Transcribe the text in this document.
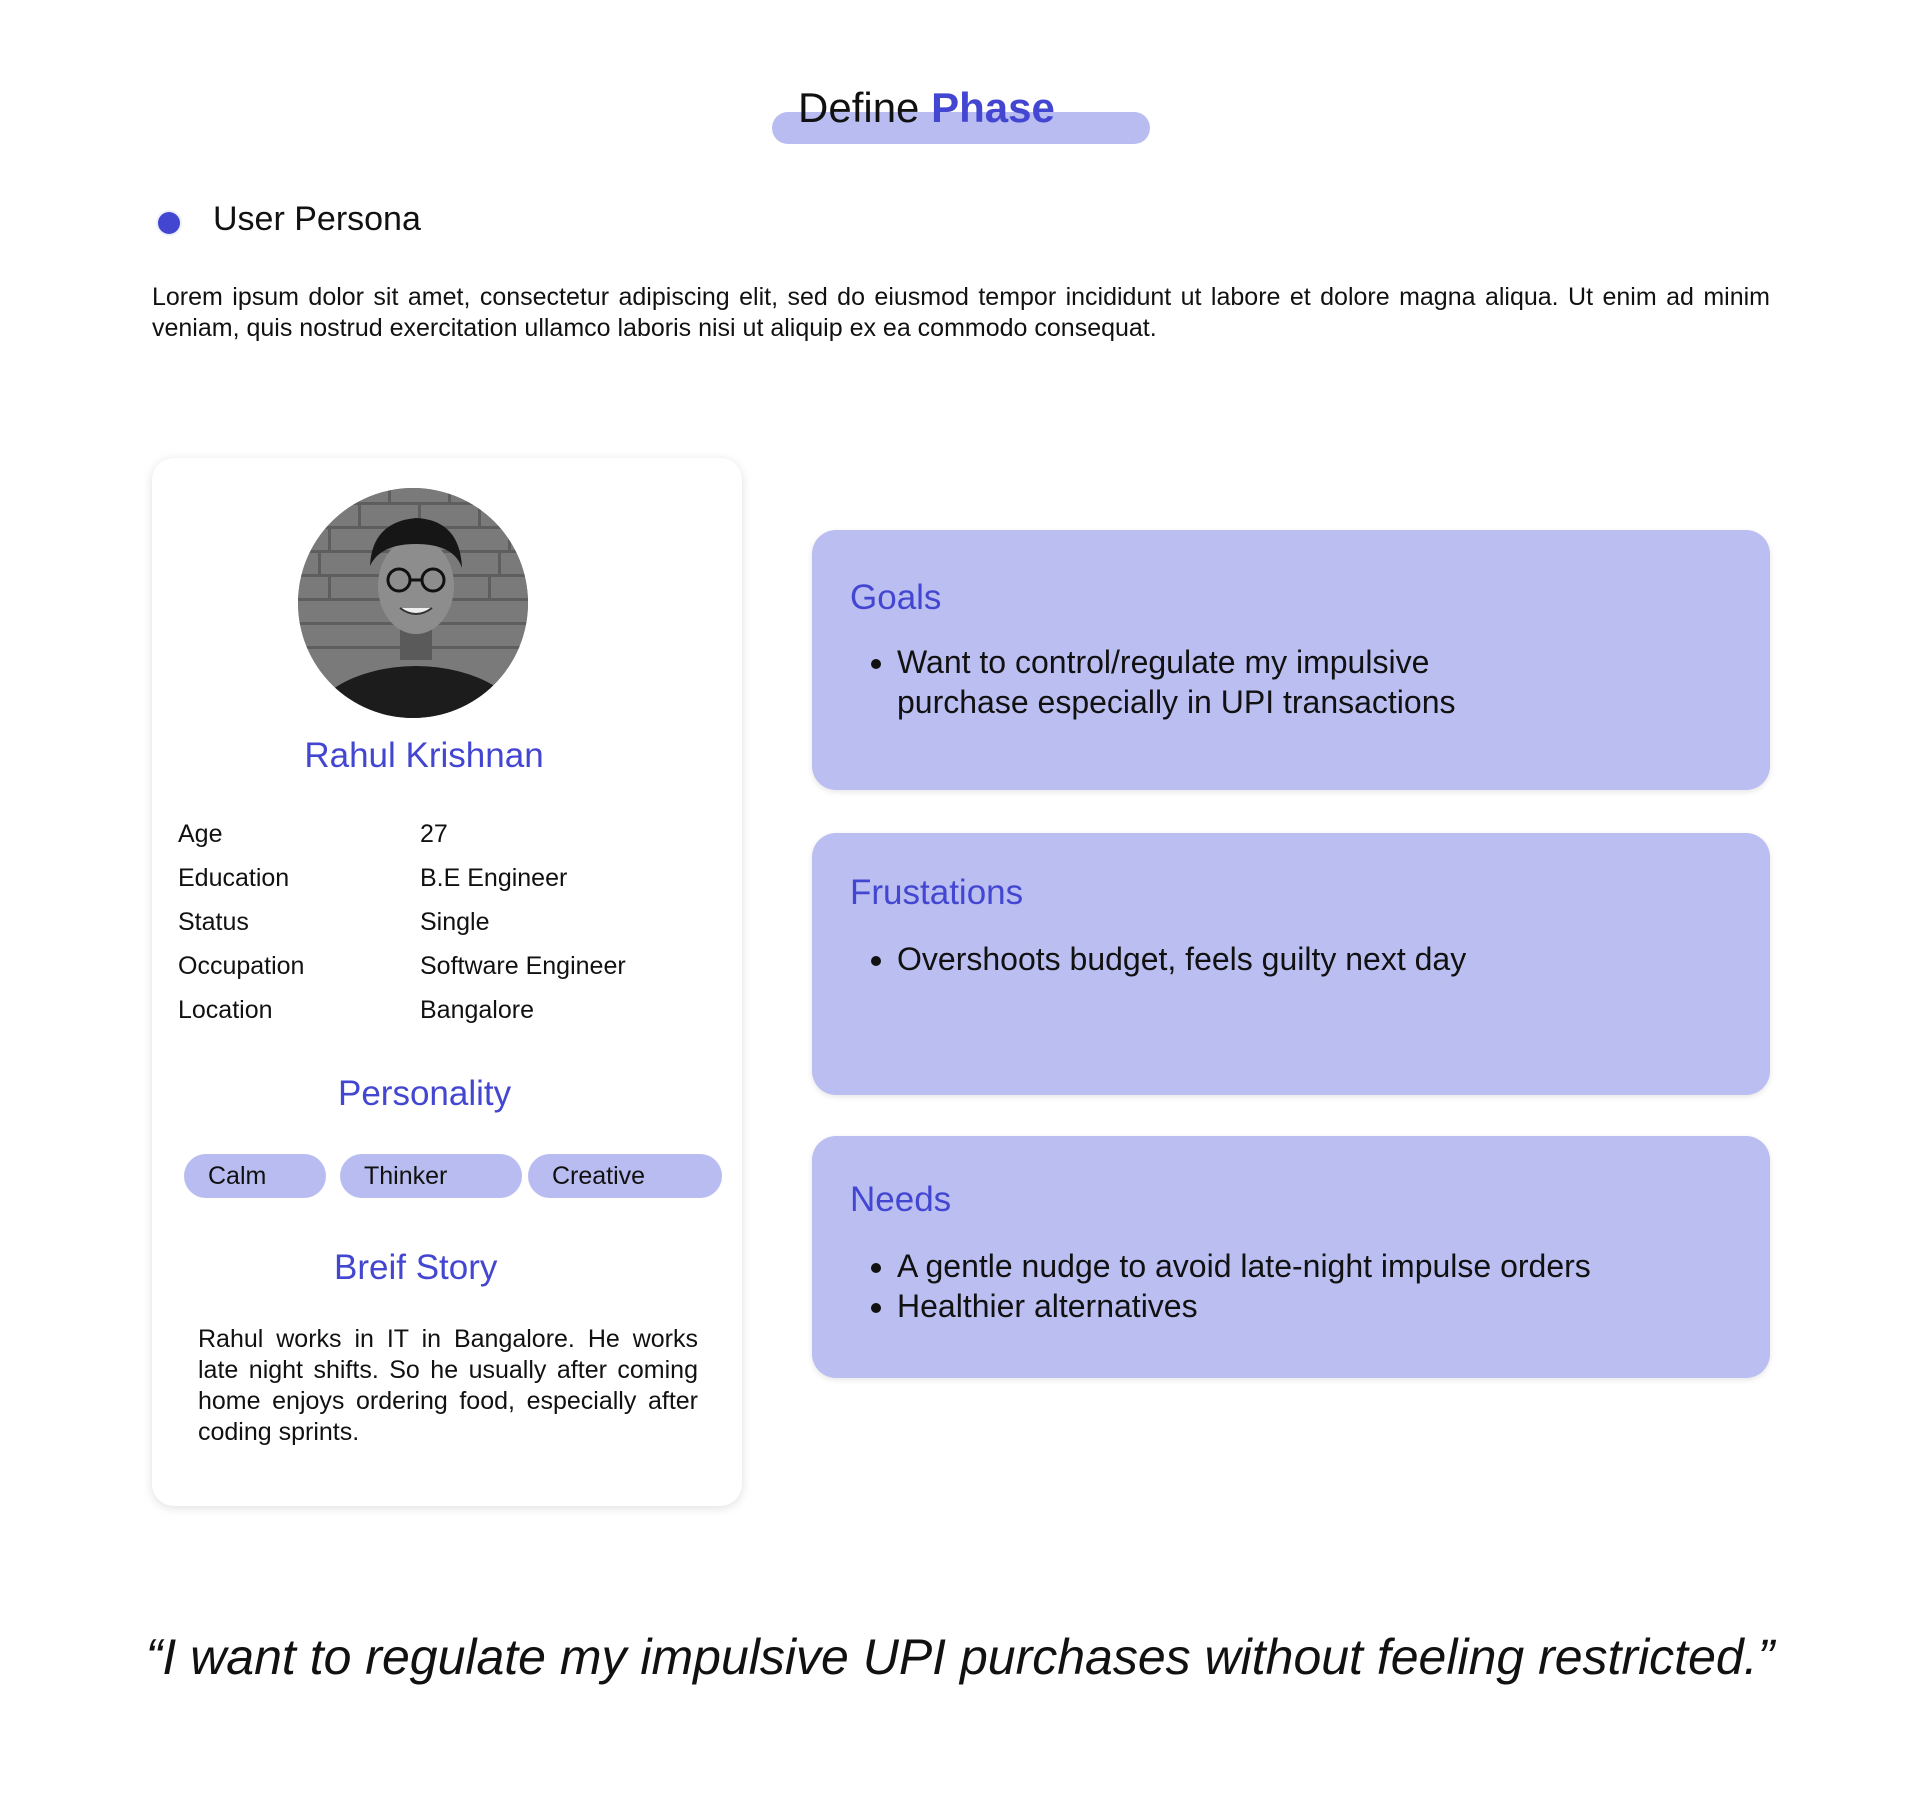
Define Phase
User Persona

Lorem ipsum dolor sit amet, consectetur adipiscing elit, sed do eiusmod tempor incididunt ut labore et dolore magna aliqua. Ut enim ad minim veniam, quis nostrud exercitation ullamco laboris nisi ut aliquip ex ea commodo consequat.

Rahul Krishnan
Age	27
Education	B.E Engineer
Status	Single
Occupation	Software Engineer
Location	Bangalore
Personality
Calm	Thinker	Creative
Breif Story

Rahul works in IT in Bangalore. He works late night shifts. So he usually after coming home enjoys ordering food, especially after coding sprints.

Goals
• Want to control/regulate my impulsive purchase especially in UPI transactions
Frustations
• Overshoots budget, feels guilty next day
Needs
• A gentle nudge to avoid late-night impulse orders
• Healthier alternatives
“I want to regulate my impulsive UPI purchases without feeling restricted.”
